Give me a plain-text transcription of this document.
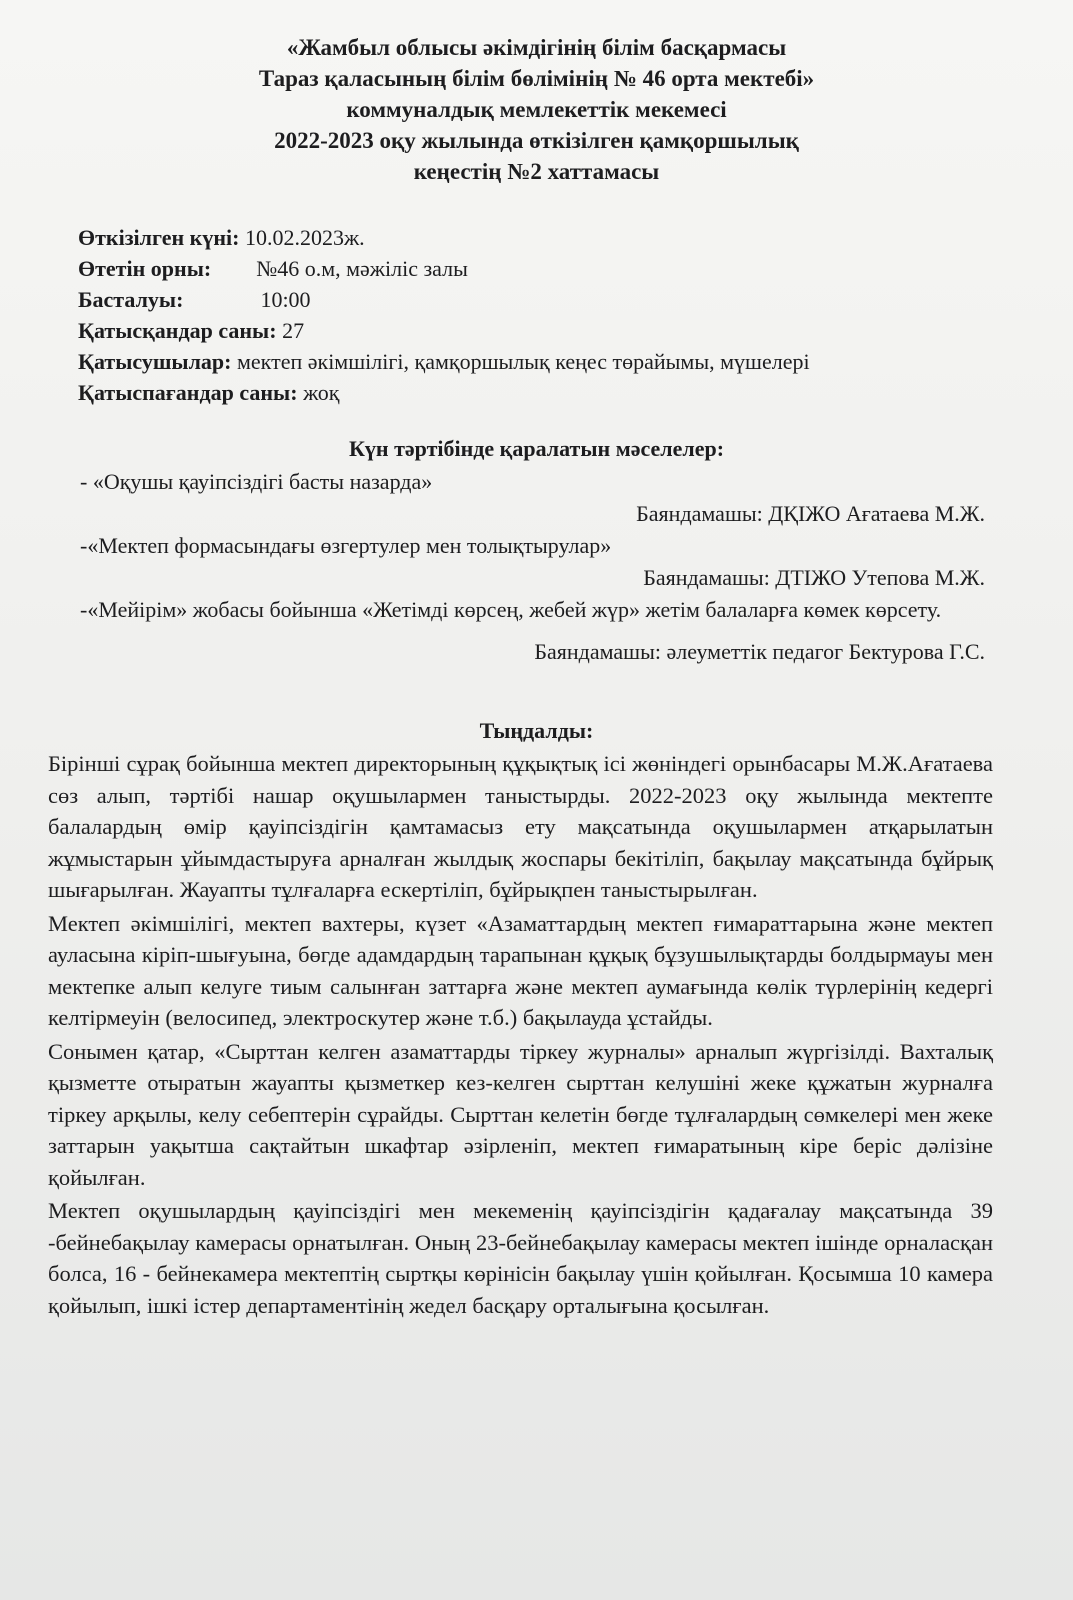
«Жамбыл облысы әкімдігінің білім басқармасы
Тараз қаласының білім бөлімінің № 46 орта мектебі»
коммуналдық мемлекеттік мекемесі
2022-2023 оқу жылында өткізілген қамқоршылық
кеңестің №2 хаттамасы
Өткізілген күні: 10.02.2023ж.
Өтетін орны: №46 о.м, мәжіліс залы
Басталуы:	10:00
Қатысқандар саны: 27
Қатысушылар: мектеп әкімшілігі, қамқоршылық кеңес төрайымы, мүшелері
Қатыспағандар саны: жоқ
Күн тәртібінде қаралатын мәселелер:
- «Оқушы қауіпсіздігі басты назарда»
Баяндамашы: ДҚІЖО Ағатаева М.Ж.
-«Мектеп формасындағы өзгертулер мен толықтырулар»
Баяндамашы: ДТІЖО Утепова М.Ж.
-«Мейірім» жобасы бойынша «Жетімді көрсең, жебей жүр» жетім балаларға көмек көрсету.
Баяндамашы: әлеуметтік педагог Бектурова Г.С.
Тыңдалды:

Бірінші сұрақ бойынша мектеп директорының құқықтық ісі жөніндегі орынбасары М.Ж.Ағатаева сөз алып, тәртібі нашар оқушылармен таныстырды. 2022-2023 оқу жылында мектепте балалардың өмір қауіпсіздігін қамтамасыз ету мақсатында оқушылармен атқарылатын жұмыстарын ұйымдастыруға арналған жылдық жоспары бекітіліп, бақылау мақсатында бұйрық шығарылған. Жауапты тұлғаларға ескертіліп, бұйрықпен таныстырылған.

Мектеп әкімшілігі, мектеп вахтеры, күзет «Азаматтардың мектеп ғимараттарына және мектеп ауласына кіріп-шығуына, бөгде адамдардың тарапынан құқық бұзушылықтарды болдырмауы мен мектепке алып келуге тиым салынған заттарға және мектеп аумағында көлік түрлерінің кедергі келтірмеуін (велосипед, электроскутер және т.б.) бақылауда ұстайды.

Сонымен қатар, «Сырттан келген азаматтарды тіркеу журналы» арналып жүргізілді. Вахталық қызметте отыратын жауапты қызметкер кез-келген сырттан келушіні жеке құжатын журналға тіркеу арқылы, келу себептерін сұрайды. Сырттан келетін бөгде тұлғалардың сөмкелері мен жеке заттарын уақытша сақтайтын шкафтар әзірленіп, мектеп ғимаратының кіре беріс дәлізіне қойылған.

Мектеп оқушылардың қауіпсіздігі мен мекеменің қауіпсіздігін қадағалау мақсатында 39 -бейнебақылау камерасы орнатылған. Оның 23-бейнебақылау камерасы мектеп ішінде орналасқан болса, 16 - бейнекамера мектептің сыртқы көрінісін бақылау үшін қойылған. Қосымша 10 камера қойылып, ішкі істер департаментінің жедел басқару орталығына қосылған.
